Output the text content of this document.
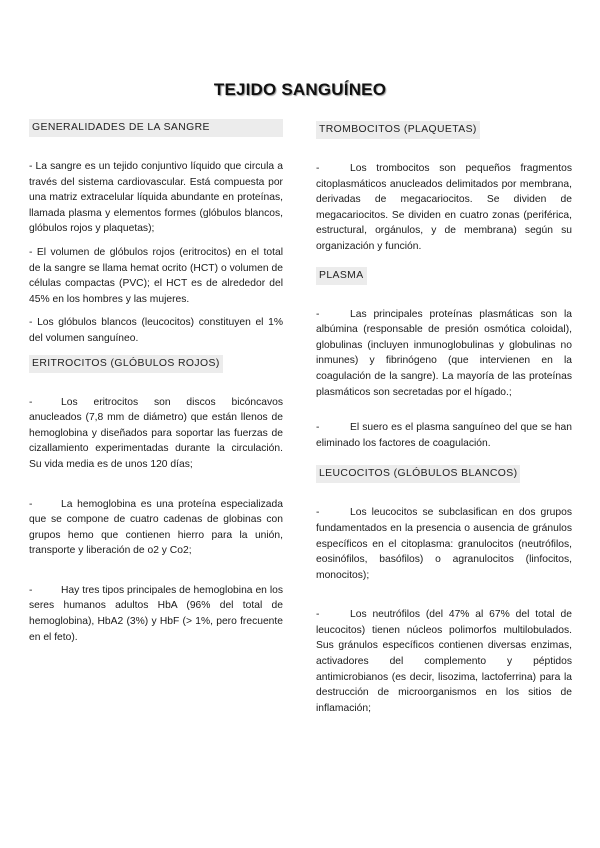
TEJIDO SANGUÍNEO
GENERALIDADES DE LA SANGRE

- La sangre es un tejido conjuntivo líquido que circula a través del sistema cardiovascular. Está compuesta por una matriz extracelular líquida abundante en proteínas, llamada plasma y elementos formes (glóbulos blancos, glóbulos rojos y plaquetas);

- El volumen de glóbulos rojos (eritrocitos) en el total de la sangre se llama hemat ocrito (HCT) o volumen de células compactas (PVC); el HCT es de alrededor del 45% en los hombres y las mujeres.

- Los glóbulos blancos (leucocitos) constituyen el 1% del volumen sanguíneo.

ERITROCITOS (GLÓBULOS ROJOS)

-	Los eritrocitos son discos bicóncavos anucleados (7,8 mm de diámetro) que están llenos de hemoglobina y diseñados para soportar las fuerzas de cizallamiento experimentadas durante la circulación. Su vida media es de unos 120 días;

-	La hemoglobina es una proteína especializada que se compone de cuatro cadenas de globinas con grupos hemo que contienen hierro para la unión, transporte y liberación de o2 y Co2;

-	Hay tres tipos principales de hemoglobina en los seres humanos adultos HbA (96% del total de hemoglobina), HbA2 (3%) y HbF (> 1%, pero frecuente en el feto).

TROMBOCITOS (PLAQUETAS)

-	Los trombocitos son pequeños fragmentos citoplasmáticos anucleados delimitados por membrana, derivadas de megacariocitos. Se dividen de megacariocitos. Se dividen en cuatro zonas (periférica, estructural, orgánulos, y de membrana) según su organización y función.

PLASMA

-	Las principales proteínas plasmáticas son la albúmina (responsable de presión osmótica coloidal), globulinas (incluyen inmunoglobulinas y globulinas no inmunes) y fibrinógeno (que intervienen en la coagulación de la sangre). La mayoría de las proteínas plasmáticos son secretadas por el hígado.;

-	El suero es el plasma sanguíneo del que se han eliminado los factores de coagulación.

LEUCOCITOS (GLÓBULOS BLANCOS)

-	Los leucocitos se subclasifican en dos grupos fundamentados en la presencia o ausencia de gránulos específicos en el citoplasma: granulocitos (neutrófilos, eosinófilos, basófilos) o agranulocitos (linfocitos, monocitos);

-	Los neutrófilos (del 47% al 67% del total de leucocitos) tienen núcleos polimorfos multilobulados. Sus gránulos específicos contienen diversas enzimas, activadores del complemento y péptidos antimicrobianos (es decir, lisozima, lactoferrina) para la destrucción de microorganismos en los sitios de inflamación;
